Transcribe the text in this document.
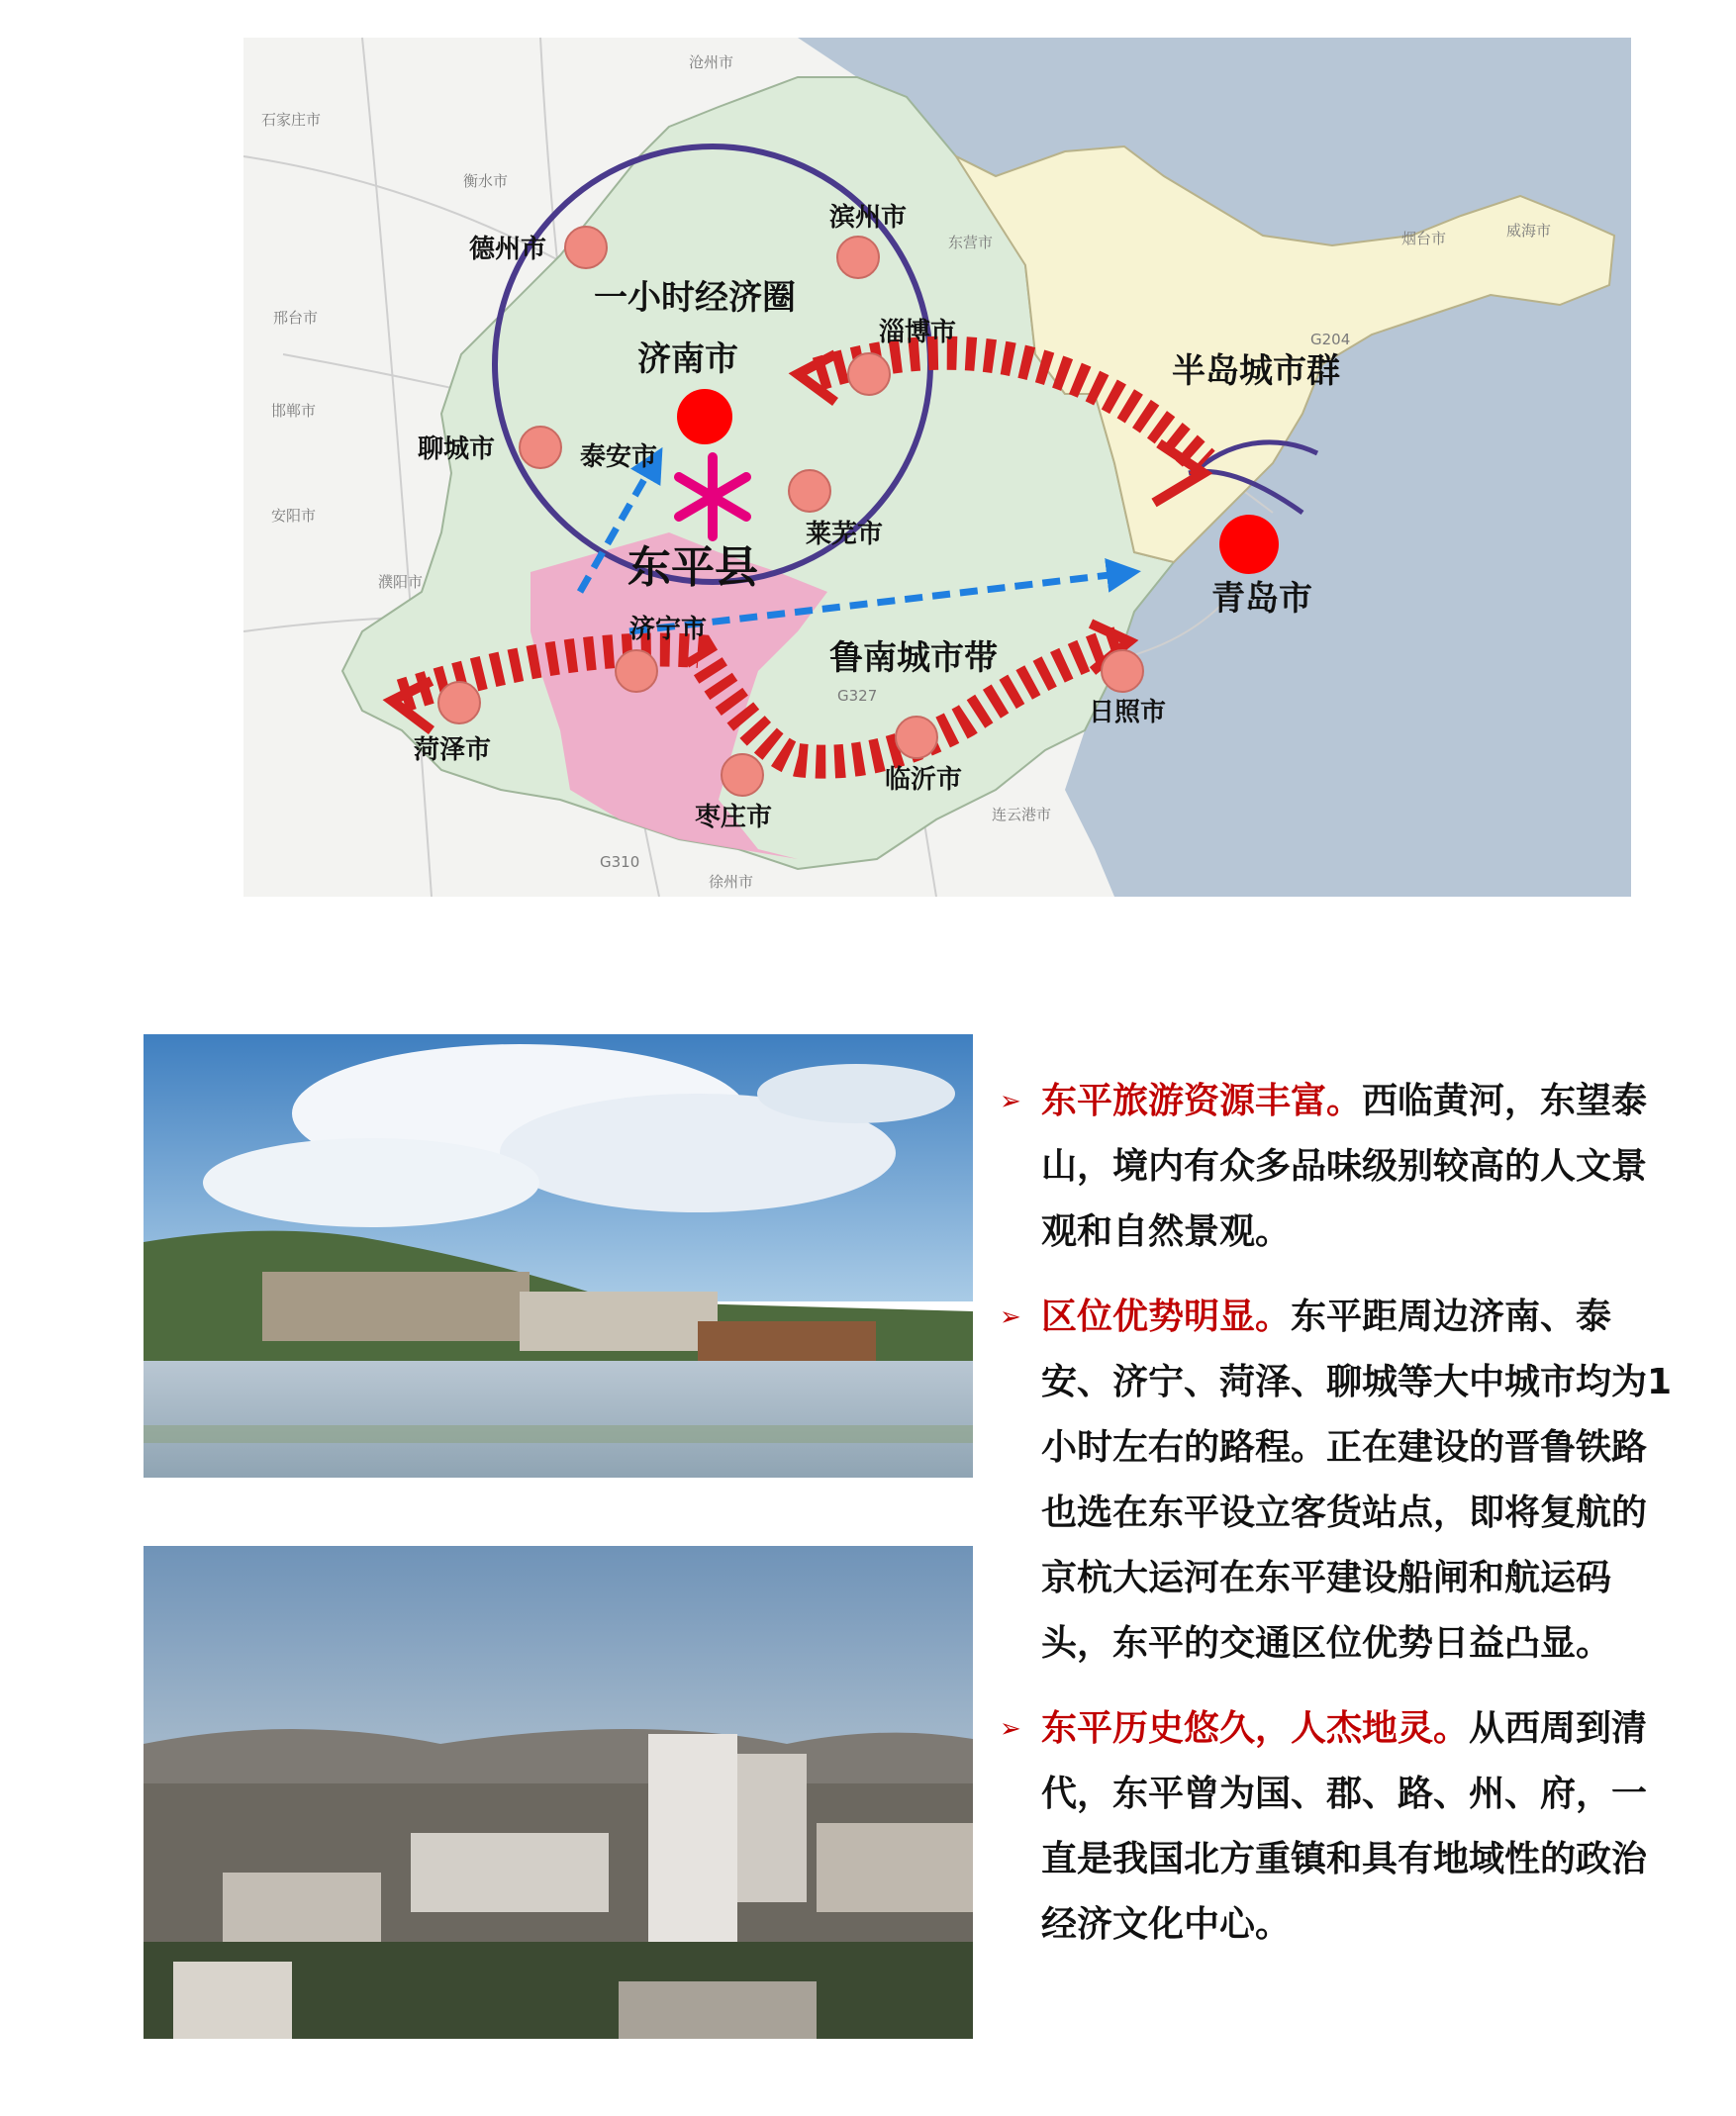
沧州市
石家庄市
衡水市
邢台市
邯郸市
安阳市
濮阳市
东营市	烟台市	威海市
连云港市
徐州市
G327
G310
G204
德州市
滨州市
淄博市
济南市
聊城市	泰安市
莱芜市
济宁市
菏泽市
枣庄市
临沂市
日照市
青岛市
一小时经济圈
半岛城市群
鲁南城市带
东平县
➢ 东平旅游资源丰富。西临黄河，东望泰山，境内有众多品味级别较高的人文景观和自然景观。
➢ 区位优势明显。东平距周边济南、泰安、济宁、菏泽、聊城等大中城市均为1小时左右的路程。正在建设的晋鲁铁路也选在东平设立客货站点，即将复航的京杭大运河在东平建设船闸和航运码头，东平的交通区位优势日益凸显。
➢ 东平历史悠久，人杰地灵。从西周到清代，东平曾为国、郡、路、州、府，一直是我国北方重镇和具有地域性的政治经济文化中心。
